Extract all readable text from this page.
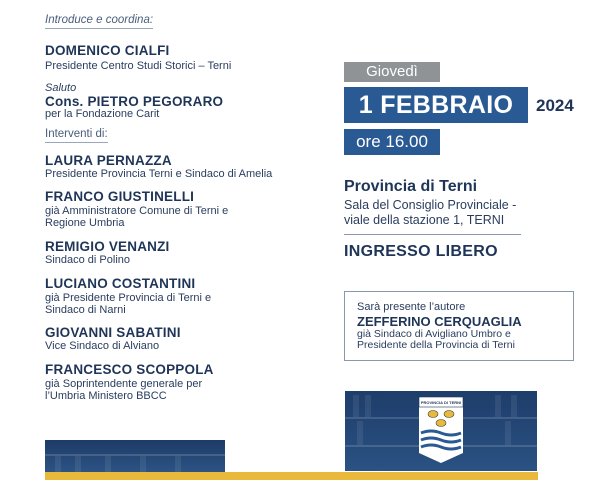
Introduce e coordina:
DOMENICO CIALFI
Presidente Centro Studi Storici – Terni
Saluto
Cons. PIETRO PEGORARO
per la Fondazione Carit
Interventi di:
LAURA PERNAZZA
Presidente Provincia Terni e Sindaco di Amelia
FRANCO GIUSTINELLI
già Amministratore Comune di Terni e
Regione Umbria
REMIGIO VENANZI
Sindaco di Polino
LUCIANO COSTANTINI
già Presidente Provincia di Terni e
Sindaco di Narni
GIOVANNI SABATINI
Vice Sindaco di Alviano
FRANCESCO SCOPPOLA
già Soprintendente generale per
l’Umbria Ministero BBCC
Giovedì
1 FEBBRAIO	2024
ore 16.00
Provincia di Terni
Sala del Consiglio Provinciale -
viale della stazione 1, TERNI
INGRESSO LIBERO
Sarà presente l’autore
ZEFFERINO CERQUAGLIA
già Sindaco di Avigliano Umbro e
Presidente della Provincia di Terni
PROVINCIA DI TERNI
